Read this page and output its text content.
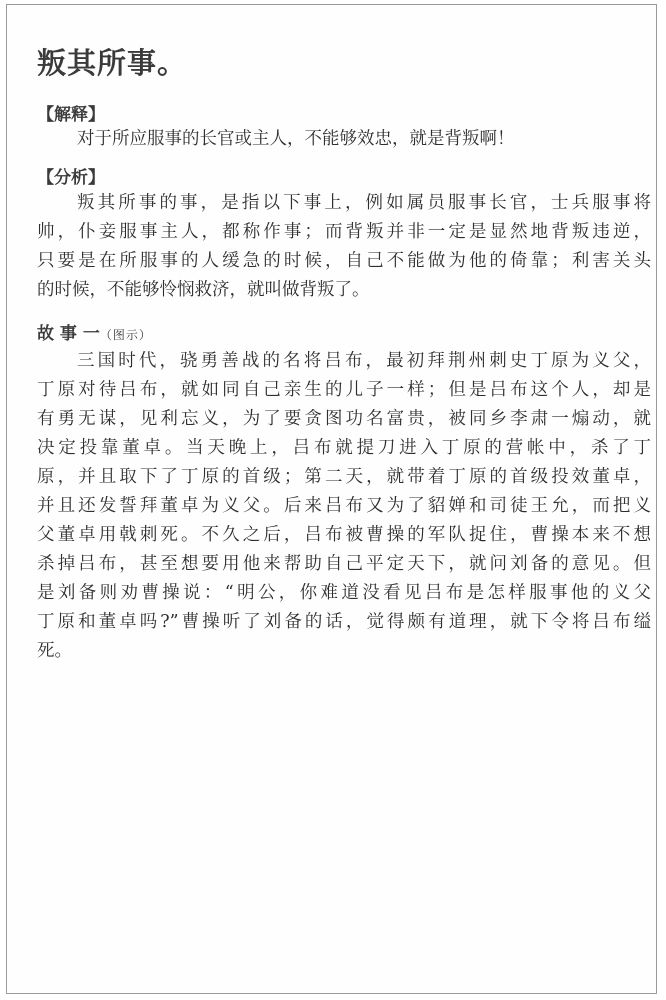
叛其所事。
【解释】
对于所应服事的长官或主人，不能够效忠，就是背叛啊！
【分析】
叛其所事的事，是指以下事上，例如属员服事长官，士兵服事将
帅，仆妾服事主人，都称作事；而背叛并非一定是显然地背叛违逆，
只要是在所服事的人缓急的时候，自己不能做为他的倚靠；利害关头
的时候，不能够怜悯救济，就叫做背叛了。
故 事 一（图示）
三国时代，骁勇善战的名将吕布，最初拜荆州刺史丁原为义父，
丁原对待吕布，就如同自己亲生的儿子一样；但是吕布这个人，却是
有勇无谋，见利忘义，为了要贪图功名富贵，被同乡李肃一煽动，就
决定投靠董卓。当天晚上，吕布就提刀进入丁原的营帐中，杀了丁
原，并且取下了丁原的首级；第二天，就带着丁原的首级投效董卓，
并且还发誓拜董卓为义父。后来吕布又为了貂婵和司徒王允，而把义
父董卓用戟刺死。不久之后，吕布被曹操的军队捉住，曹操本来不想
杀掉吕布，甚至想要用他来帮助自己平定天下，就问刘备的意见。但
是刘备则劝曹操说：“明公，你难道没看见吕布是怎样服事他的义父
丁原和董卓吗?”曹操听了刘备的话，觉得颇有道理，就下令将吕布缢
死。
